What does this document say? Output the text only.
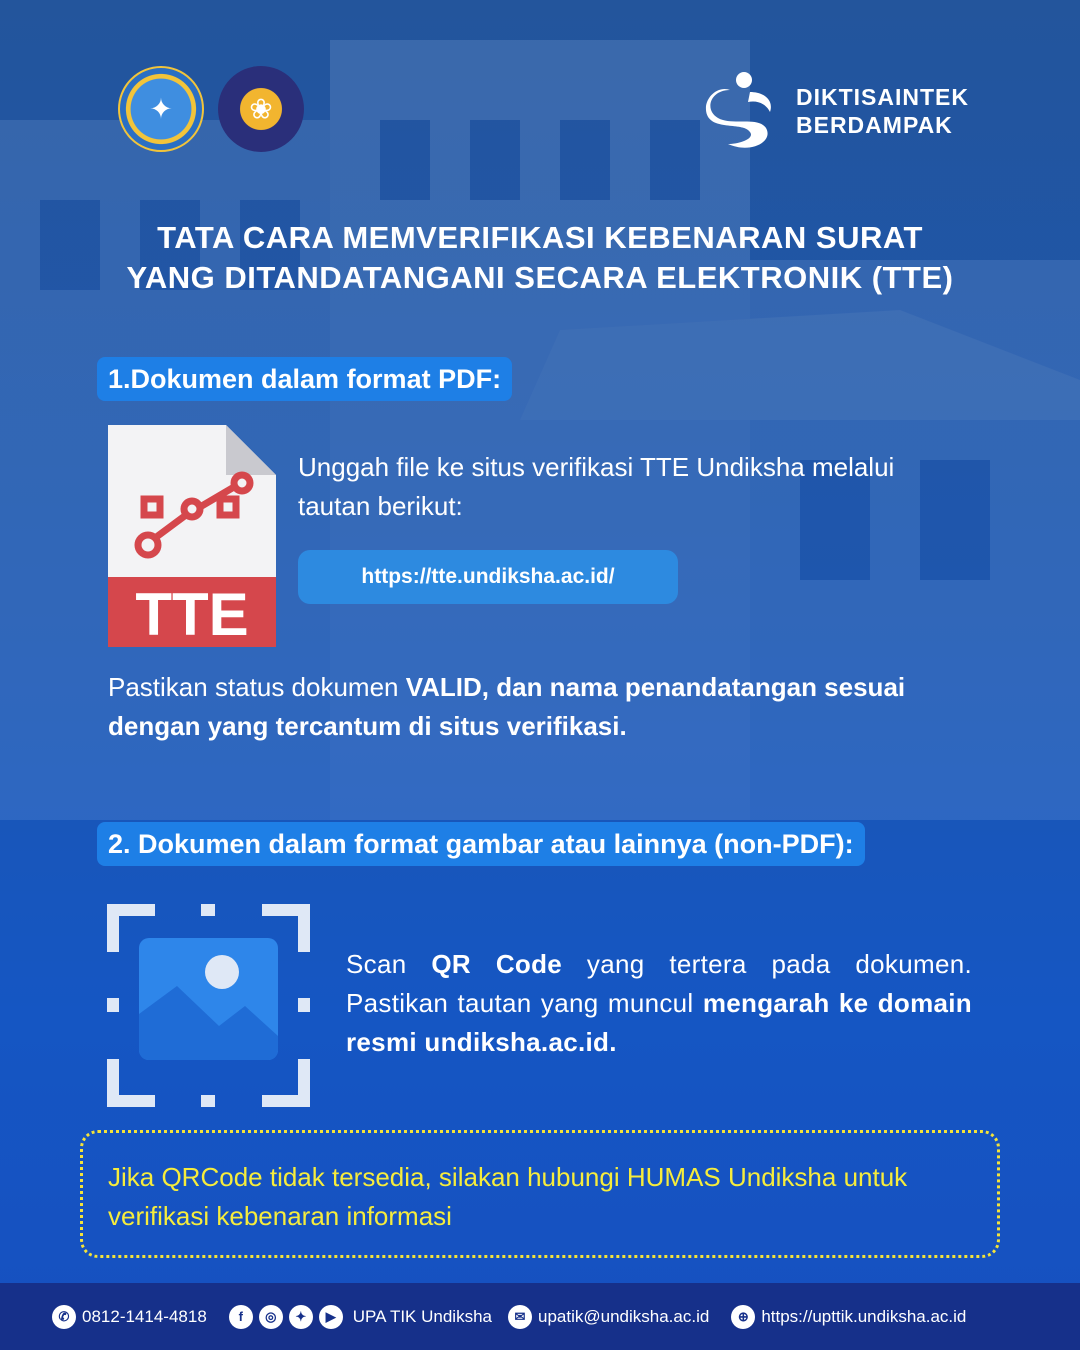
✦	❀	DIKTISAINTEK
BERDAMPAK
TATA CARA MEMVERIFIKASI KEBENARAN SURAT
YANG DITANDATANGANI SECARA ELEKTRONIK (TTE)
1.Dokumen dalam format PDF:
TTE
Unggah file ke situs verifikasi TTE Undiksha melalui tautan berikut:
https://tte.undiksha.ac.id/
Pastikan status dokumen VALID, dan nama penandatangan sesuai dengan yang tercantum di situs verifikasi.
2. Dokumen dalam format gambar atau lainnya (non-PDF):
Scan QR Code yang tertera pada dokumen. Pastikan tautan yang muncul mengarah ke domain resmi undiksha.ac.id.
Jika QRCode tidak tersedia, silakan hubungi HUMAS Undiksha untuk verifikasi kebenaran informasi
✆ 0812-1414-4818	f	◎	✦	▶	UPA TIK Undiksha	✉ upatik@undiksha.ac.id	⊕ https://upttik.undiksha.ac.id
